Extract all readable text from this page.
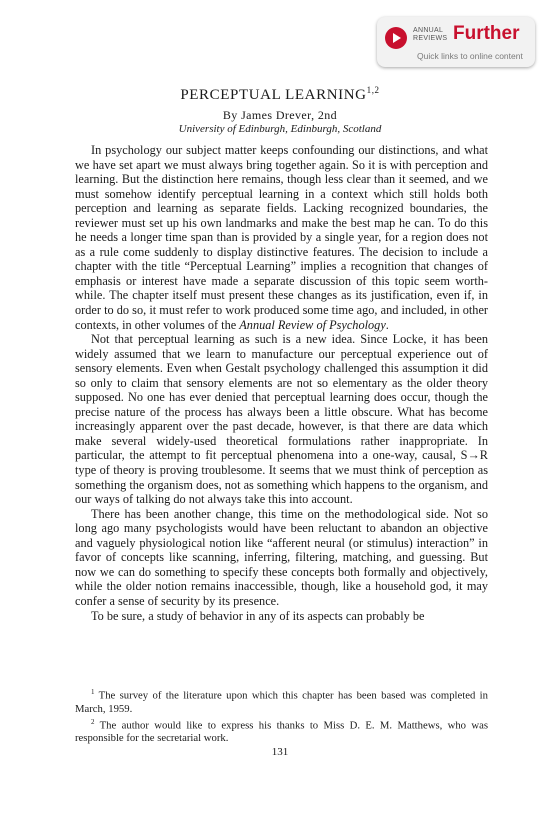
ANNUAL REVIEWS Further
Quick links to online content
PERCEPTUAL LEARNING$^{1,2}$
By James Drever, 2nd
University of Edinburgh, Edinburgh, Scotland

In psychology our subject matter keeps confounding our distinctions, and what we have set apart we must always bring together again. So it is with perception and learning. But the distinction here remains, though less clear than it seemed, and we must somehow identify perceptual learning in a context which still holds both perception and learning as separate fields. Lacking recognized boundaries, the reviewer must set up his own landmarks and make the best map he can. To do this he needs a longer time span than is provided by a single year, for a region does not as a rule come suddenly to display distinctive features. The decision to include a chapter with the title “Perceptual Learning” implies a recognition that changes of emphasis or interest have made a separate discussion of this topic seem worth-while. The chapter itself must present these changes as its justification, even if, in order to do so, it must refer to work produced some time ago, and included, in other contexts, in other volumes of the Annual Review of Psychology.

Not that perceptual learning as such is a new idea. Since Locke, it has been widely assumed that we learn to manufacture our perceptual experience out of sensory elements. Even when Gestalt psychology challenged this assumption it did so only to claim that sensory elements are not so elementary as the older theory supposed. No one has ever denied that perceptual learning does occur, though the precise nature of the process has always been a little obscure. What has become increasingly apparent over the past decade, however, is that there are data which make several widely-used theoretical formulations rather inappropriate. In particular, the attempt to fit perceptual phenomena into a one-way, causal, S→R type of theory is proving troublesome. It seems that we must think of perception as something the organism does, not as something which happens to the organism, and our ways of talking do not always take this into account.

There has been another change, this time on the methodological side. Not so long ago many psychologists would have been reluctant to abandon an objective and vaguely physiological notion like “afferent neural (or stimulus) interaction” in favor of concepts like scanning, inferring, filtering, matching, and guessing. But now we can do something to specify these concepts both formally and objectively, while the older notion remains inaccessible, though, like a household god, it may confer a sense of security by its presence.

To be sure, a study of behavior in any of its aspects can probably be

$^1$ The survey of the literature upon which this chapter has been based was completed in March, 1959.

$^2$ The author would like to express his thanks to Miss D. E. M. Matthews, who was responsible for the secretarial work.

131
